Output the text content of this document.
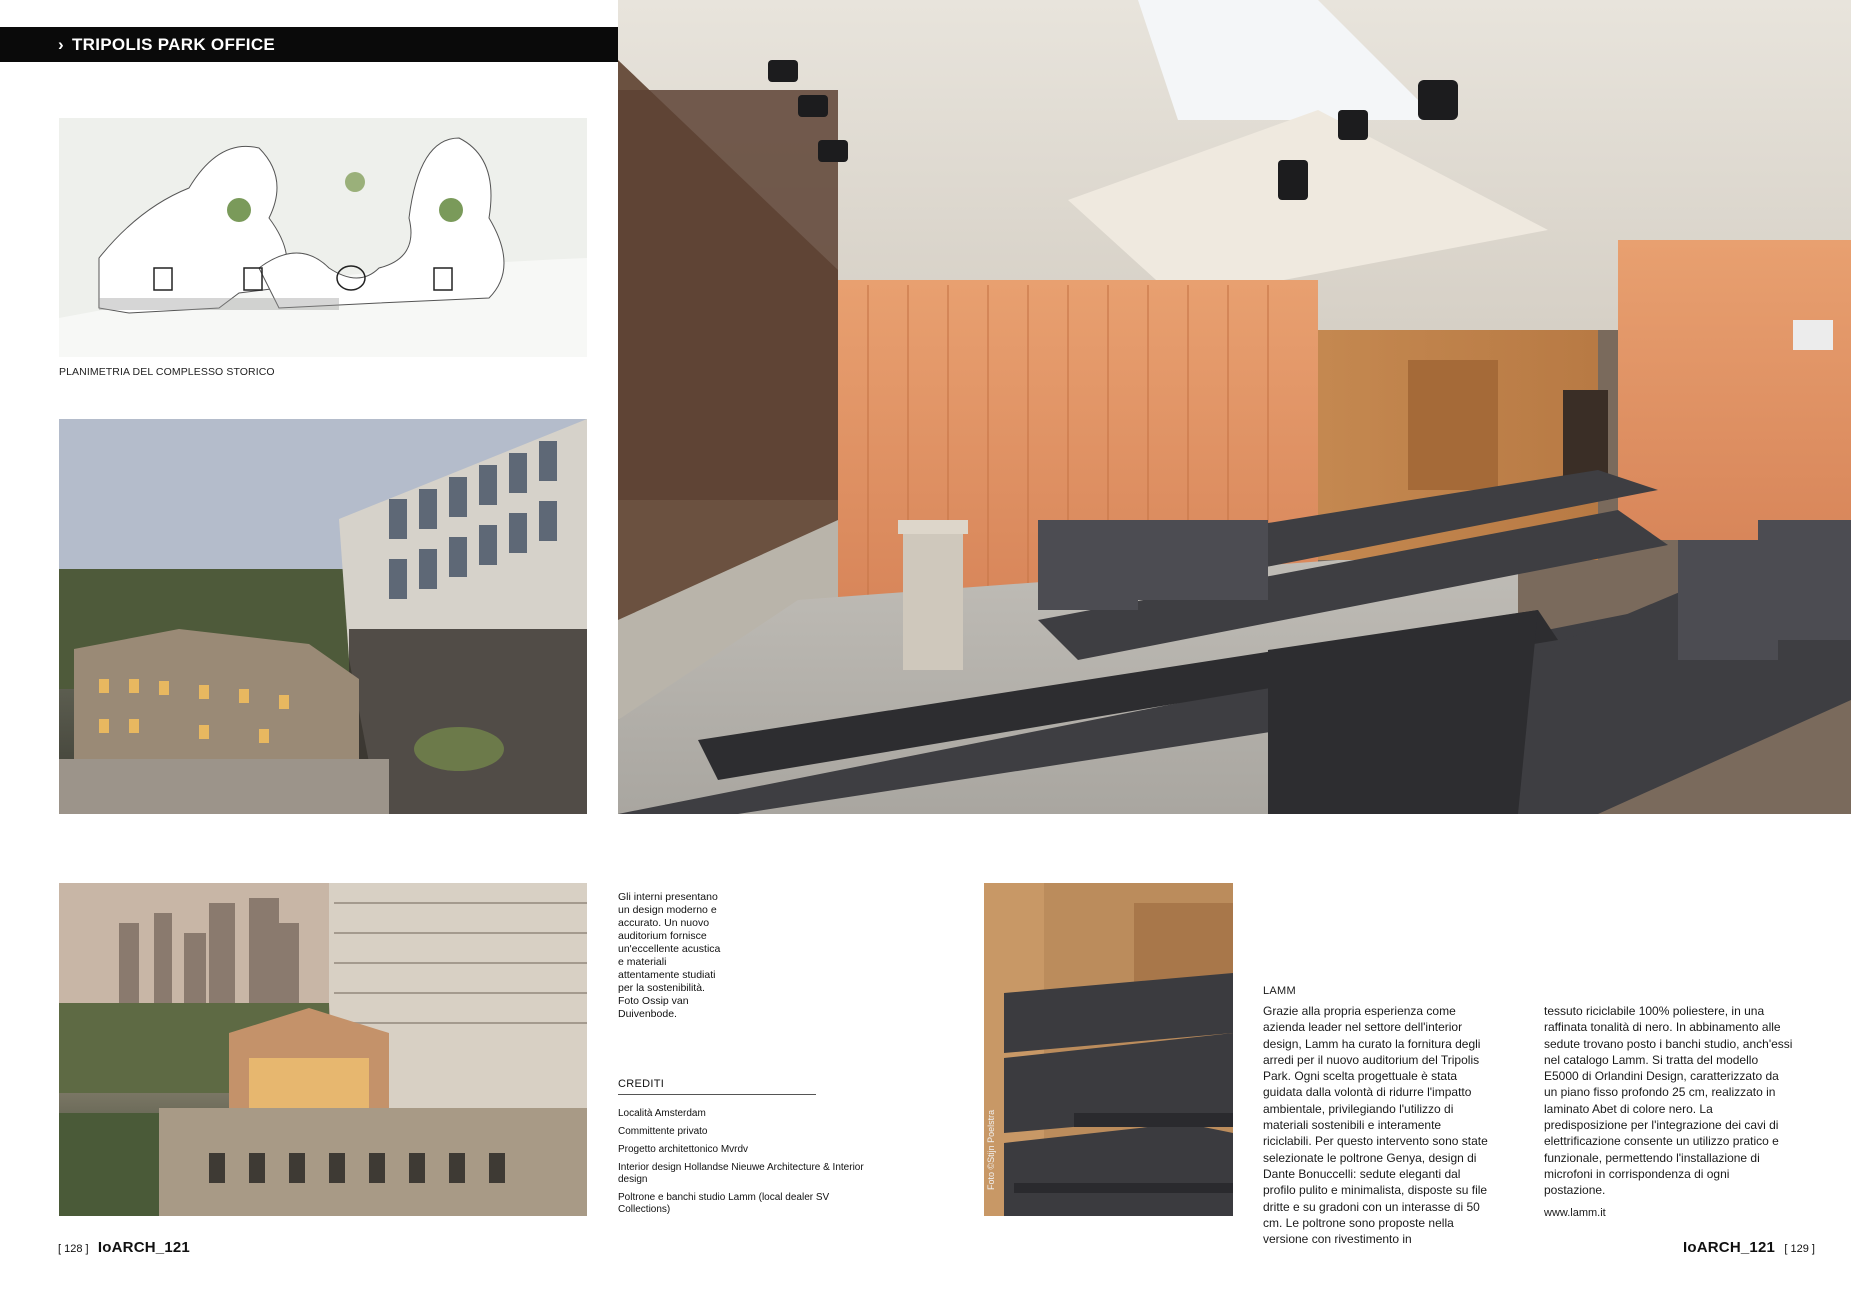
› TRIPOLIS PARK OFFICE
PLANIMETRIA DEL COMPLESSO STORICO
Foto ©Stijn Poelstra
Gli interni presentano un design moderno e accurato. Un nuovo auditorium fornisce un'eccellente acustica e materiali attentamente studiati per la sostenibilità. Foto Ossip van Duivenbode.
CREDITI
Località Amsterdam
Committente privato
Progetto architettonico Mvrdv
Interior design Hollandse Nieuwe Architecture & Interior design
Poltrone e banchi studio Lamm (local dealer SV Collections)
LAMM
Grazie alla propria esperienza come azienda leader nel settore dell'interior design, Lamm ha curato la fornitura degli arredi per il nuovo auditorium del Tripolis Park. Ogni scelta progettuale è stata guidata dalla volontà di ridurre l'impatto ambientale, privilegiando l'utilizzo di materiali sostenibili e interamente riciclabili. Per questo intervento sono state selezionate le poltrone Genya, design di Dante Bonuccelli: sedute eleganti dal profilo pulito e minimalista, disposte su file dritte e su gradoni con un interasse di 50 cm. Le poltrone sono proposte nella versione con rivestimento in
tessuto riciclabile 100% poliestere, in una raffinata tonalità di nero. In abbinamento alle sedute trovano posto i banchi studio, anch'essi nel catalogo Lamm. Si tratta del modello E5000 di Orlandini Design, caratterizzato da un piano fisso profondo 25 cm, realizzato in laminato Abet di colore nero. La predisposizione per l'integrazione dei cavi di elettrificazione consente un utilizzo pratico e funzionale, permettendo l'installazione di microfoni in corrispondenza di ogni postazione.
www.lamm.it
[ 128 ] IoARCH_121	IoARCH_121 [ 129 ]
